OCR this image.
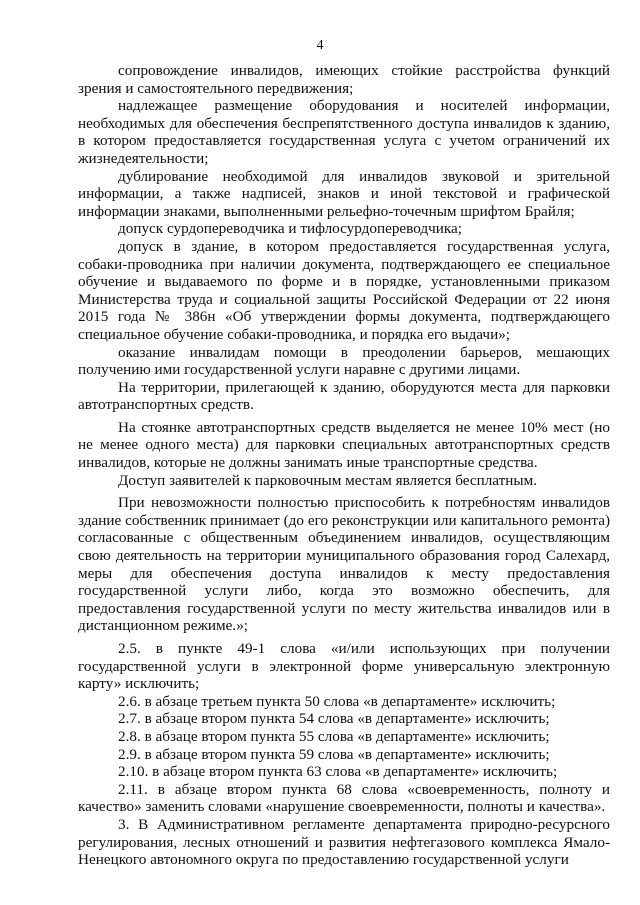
4

сопровождение инвалидов, имеющих стойкие расстройства функций зрения и самостоятельного передвижения;

надлежащее размещение оборудования и носителей информации, необходимых для обеспечения беспрепятственного доступа инвалидов к зданию, в котором предоставляется государственная услуга с учетом ограничений их жизнедеятельности;

дублирование необходимой для инвалидов звуковой и зрительной информации, а также надписей, знаков и иной текстовой и графической информации знаками, выполненными рельефно-точечным шрифтом Брайля;

допуск сурдопереводчика и тифлосурдопереводчика;

допуск в здание, в котором предоставляется государственная услуга, собаки-проводника при наличии документа, подтверждающего ее специальное обучение и выдаваемого по форме и в порядке, установленными приказом Министерства труда и социальной защиты Российской Федерации от 22 июня 2015 года № 386н «Об утверждении формы документа, подтверждающего специальное обучение собаки-проводника, и порядка его выдачи»;

оказание инвалидам помощи в преодолении барьеров, мешающих получению ими государственной услуги наравне с другими лицами.

На территории, прилегающей к зданию, оборудуются места для парковки автотранспортных средств.

На стоянке автотранспортных средств выделяется не менее 10% мест (но не менее одного места) для парковки специальных автотранспортных средств инвалидов, которые не должны занимать иные транспортные средства.

Доступ заявителей к парковочным местам является бесплатным.

При невозможности полностью приспособить к потребностям инвалидов здание собственник принимает (до его реконструкции или капитального ремонта) согласованные с общественным объединением инвалидов, осуществляющим свою деятельность на территории муниципального образования город Салехард, меры для обеспечения доступа инвалидов к месту предоставления государственной услуги либо, когда это возможно обеспечить, для предоставления государственной услуги по месту жительства инвалидов или в дистанционном режиме.»;

2.5. в пункте 49-1 слова «и/или использующих при получении государственной услуги в электронной форме универсальную электронную карту» исключить;

2.6. в абзаце третьем пункта 50 слова «в департаменте» исключить;

2.7. в абзаце втором пункта 54 слова «в департаменте» исключить;

2.8. в абзаце втором пункта 55 слова «в департаменте» исключить;

2.9. в абзаце втором пункта 59 слова «в департаменте» исключить;

2.10. в абзаце втором пункта 63 слова «в департаменте» исключить;

2.11. в абзаце втором пункта 68 слова «своевременность, полноту и качество» заменить словами «нарушение своевременности, полноты и качества».

3. В Административном регламенте департамента природно-ресурсного регулирования, лесных отношений и развития нефтегазового комплекса Ямало-Ненецкого автономного округа по предоставлению государственной услуги
